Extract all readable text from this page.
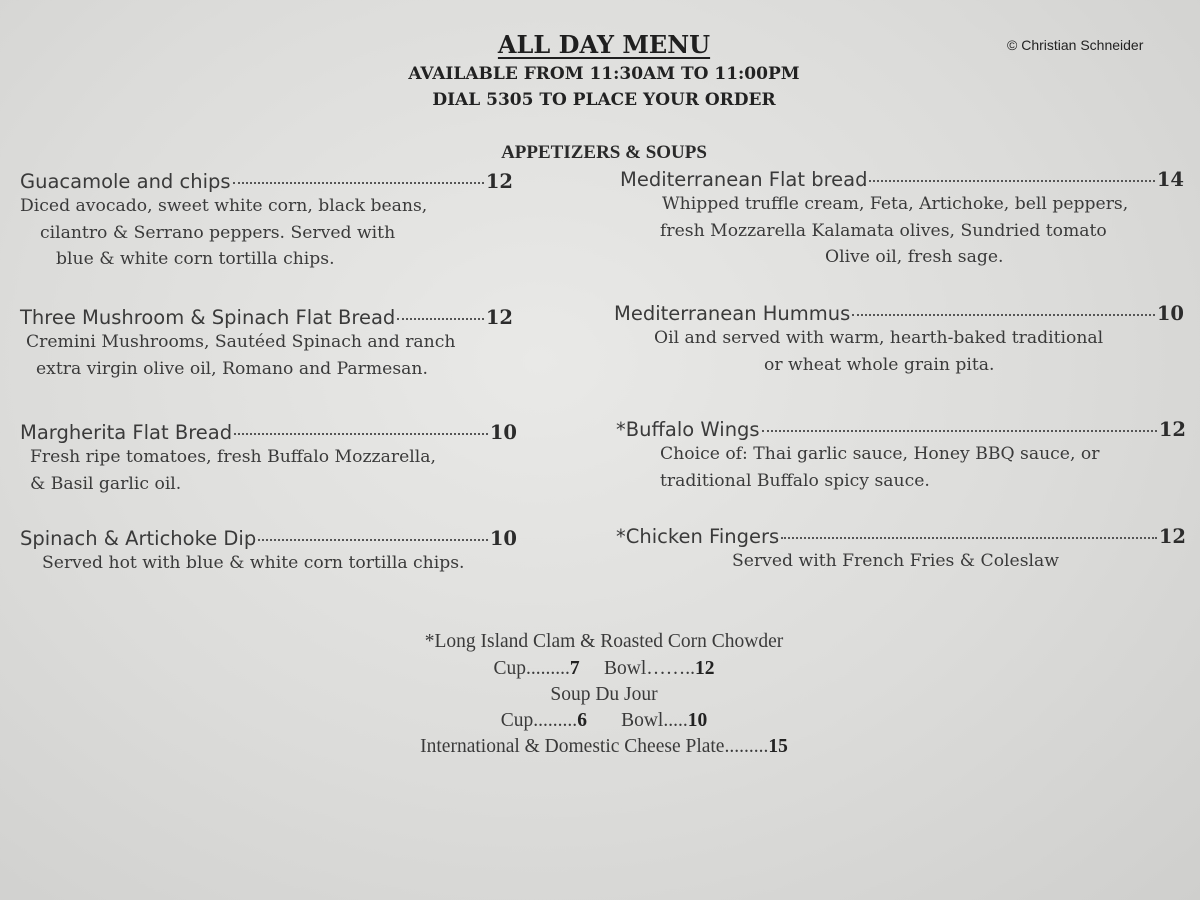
© Christian Schneider
ALL DAY MENU
AVAILABLE FROM 11:30AM TO 11:00PM
DIAL 5305 TO PLACE YOUR ORDER
APPETIZERS & SOUPS
Guacamole and chips	12
Diced avocado, sweet white corn, black beans,
cilantro & Serrano peppers. Served with
blue & white corn tortilla chips.
Three Mushroom & Spinach Flat Bread	12
Cremini Mushrooms, Sautéed Spinach and ranch
extra virgin olive oil, Romano and Parmesan.
Margherita Flat Bread	10
Fresh ripe tomatoes, fresh Buffalo Mozzarella,
& Basil garlic oil.
Spinach & Artichoke Dip	10
Served hot with blue & white corn tortilla chips.
Mediterranean Flat bread	14
Whipped truffle cream, Feta, Artichoke, bell peppers,
fresh Mozzarella Kalamata olives, Sundried tomato
Olive oil, fresh sage.
Mediterranean Hummus	10
Oil and served with warm, hearth-baked traditional
or wheat whole grain pita.
*Buffalo Wings	12
Choice of: Thai garlic sauce, Honey BBQ sauce, or
traditional Buffalo spicy sauce.
*Chicken Fingers	12
Served with French Fries & Coleslaw
*Long Island Clam & Roasted Corn Chowder
Cup.........7 Bowl……..12
Soup Du Jour
Cup.........6 Bowl.....10
International & Domestic Cheese Plate.........15
